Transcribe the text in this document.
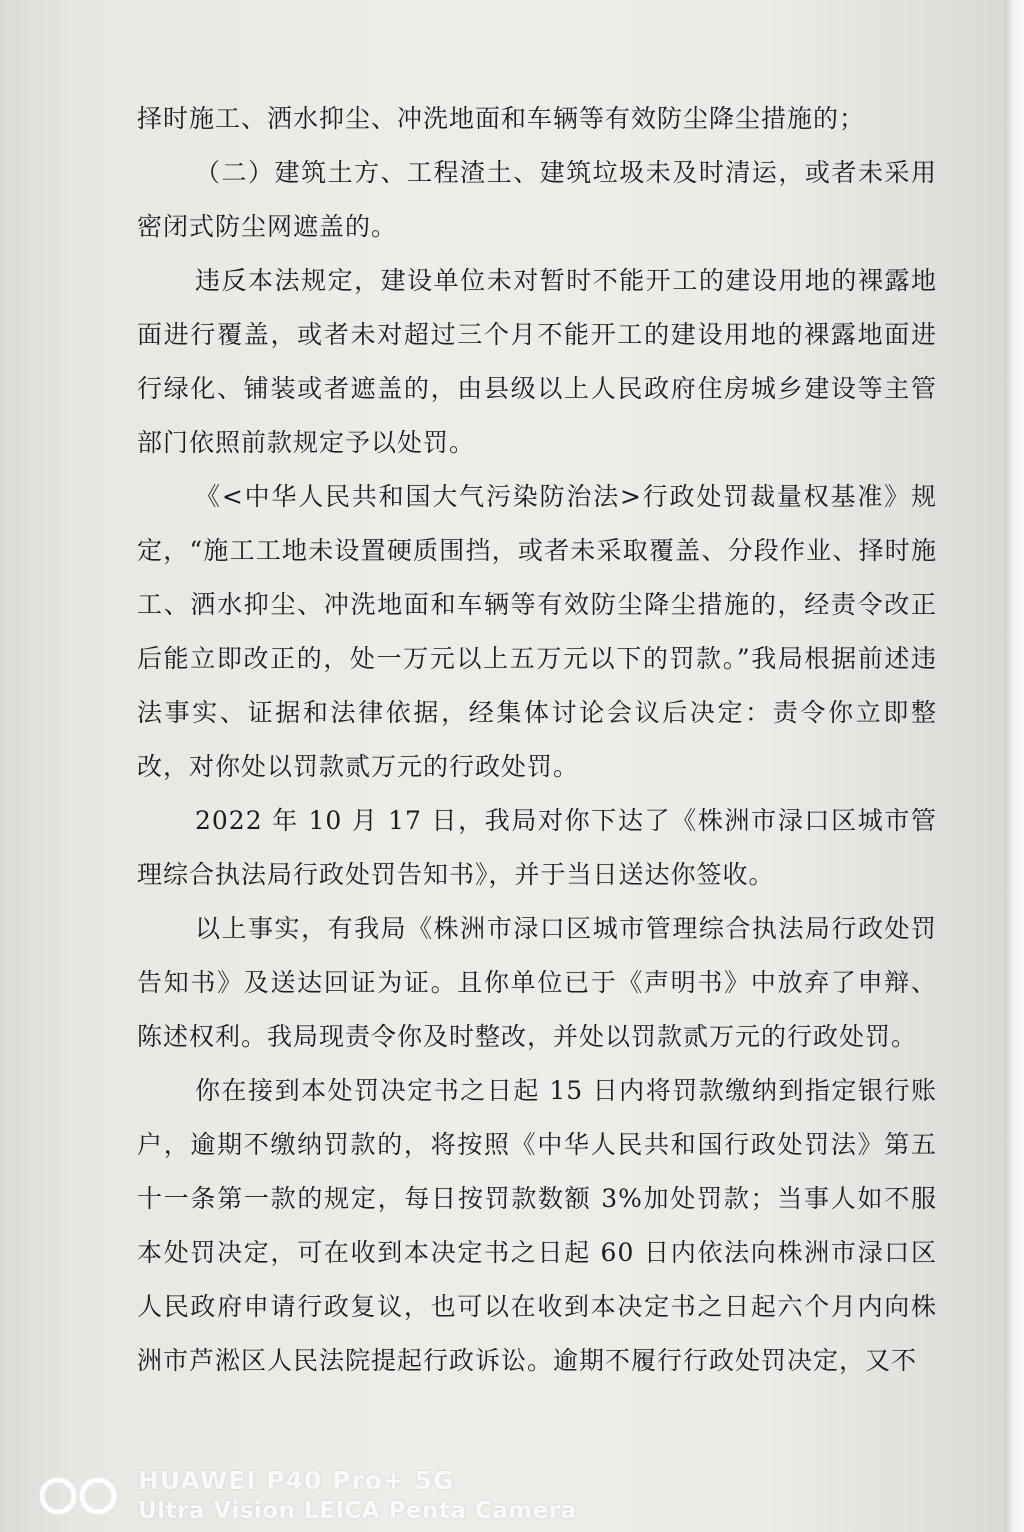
择时施工、洒水抑尘、冲洗地面和车辆等有效防尘降尘措施的；

（二）建筑土方、工程渣土、建筑垃圾未及时清运，或者未采用密闭式防尘网遮盖的。

违反本法规定，建设单位未对暂时不能开工的建设用地的裸露地面进行覆盖，或者未对超过三个月不能开工的建设用地的裸露地面进行绿化、铺装或者遮盖的，由县级以上人民政府住房城乡建设等主管部门依照前款规定予以处罚。

《<中华人民共和国大气污染防治法>行政处罚裁量权基准》规定，“施工工地未设置硬质围挡，或者未采取覆盖、分段作业、择时施工、洒水抑尘、冲洗地面和车辆等有效防尘降尘措施的，经责令改正后能立即改正的，处一万元以上五万元以下的罚款。”我局根据前述违法事实、证据和法律依据，经集体讨论会议后决定：责令你立即整改，对你处以罚款贰万元的行政处罚。

2022 年 10 月 17 日，我局对你下达了《株洲市渌口区城市管理综合执法局行政处罚告知书》，并于当日送达你签收。

以上事实，有我局《株洲市渌口区城市管理综合执法局行政处罚告知书》及送达回证为证。且你单位已于《声明书》中放弃了申辩、陈述权利。我局现责令你及时整改，并处以罚款贰万元的行政处罚。

你在接到本处罚决定书之日起 15 日内将罚款缴纳到指定银行账户，逾期不缴纳罚款的，将按照《中华人民共和国行政处罚法》第五十一条第一款的规定，每日按罚款数额 3%加处罚款；当事人如不服本处罚决定，可在收到本决定书之日起 60 日内依法向株洲市渌口区人民政府申请行政复议，也可以在收到本决定书之日起六个月内向株洲市芦淞区人民法院提起行政诉讼。逾期不履行行政处罚决定，又不

HUAWEI P40 Pro+ 5G
Ultra Vision LEICA Penta Camera
